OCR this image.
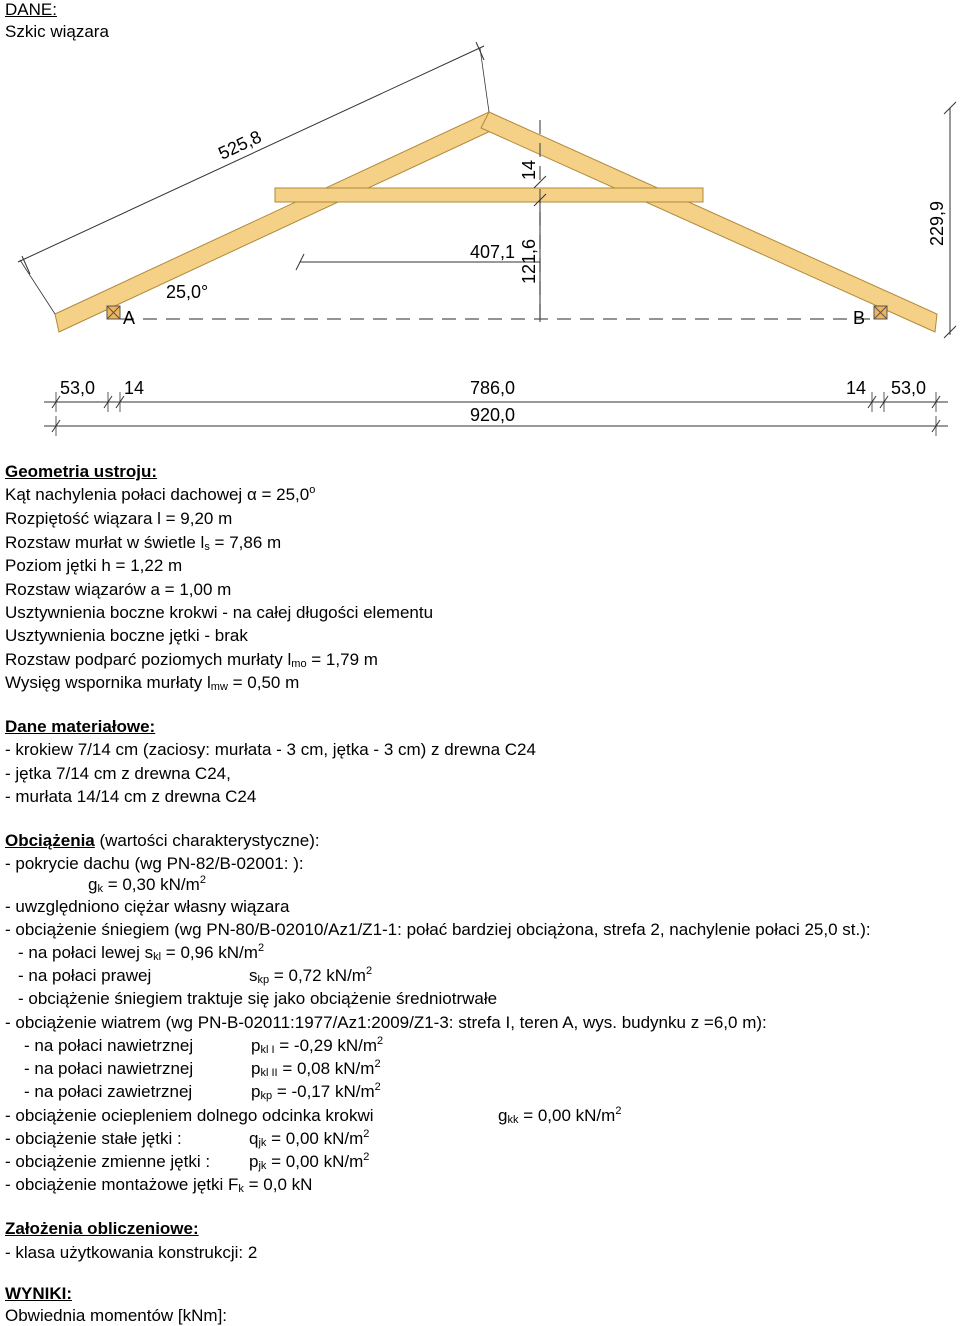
DANE:
Szkic wiązara
525,8
407,1 121,6
14
229,9
25,0°
A	B
53,0 14	786,0	14 53,0
920,0
Geometria ustroju:
Kąt nachylenia połaci dachowej $\alpha = 25,0^o$
Rozpiętość wiązara l = 9,20 m
Rozstaw murłat w świetle $l_s = 7,86$ m
Poziom jętki h = 1,22 m
Rozstaw wiązarów a = 1,00 m
Usztywnienia boczne krokwi - na całej długości elementu
Usztywnienia boczne jętki - brak
Rozstaw podparć poziomych murłaty $l_{mo} = 1,79$ m
Wysięg wspornika murłaty $l_{mw} = 0,50$ m
Dane materiałowe:
- krokiew 7/14 cm (zaciosy: murłata - 3 cm, jętka - 3 cm) z drewna C24
- jętka 7/14 cm z drewna C24,
- murłata 14/14 cm z drewna C24
Obciążenia (wartości charakterystyczne):
- pokrycie dachu (wg PN-82/B-02001: ):
$g_k = 0,30$ $kN/m^2$
- uwzględniono ciężar własny wiązara
- obciążenie śniegiem (wg PN-80/B-02010/Az1/Z1-1: połać bardziej obciążona, strefa 2, nachylenie połaci 25,0 st.):
- na połaci lewej $s_{kl} = 0,96$ $kN/m^2$
- na połaci prawej	$s_{kp} = 0,72$ $kN/m^2$
- obciążenie śniegiem traktuje się jako obciążenie średniotrwałe
- obciążenie wiatrem (wg PN-B-02011:1977/Az1:2009/Z1-3: strefa I, teren A, wys. budynku z =6,0 m):
- na połaci nawietrznej	$p_{kl I} = -0,29$ $kN/m^2$
- na połaci nawietrznej	$p_{kl II} = 0,08$ $kN/m^2$
- na połaci zawietrznej	$p_{kp} = -0,17$ $kN/m^2$
- obciążenie ociepleniem dolnego odcinka krokwi	$g_{kk} = 0,00$ $kN/m^2$
- obciążenie stałe jętki :	$q_{jk} = 0,00$ $kN/m^2$
- obciążenie zmienne jętki : $p_{jk} = 0,00$ $kN/m^2$
- obciążenie montażowe jętki $F_k = 0,0$ kN
Założenia obliczeniowe:
- klasa użytkowania konstrukcji: 2
WYNIKI:
Obwiednia momentów [kNm]:
